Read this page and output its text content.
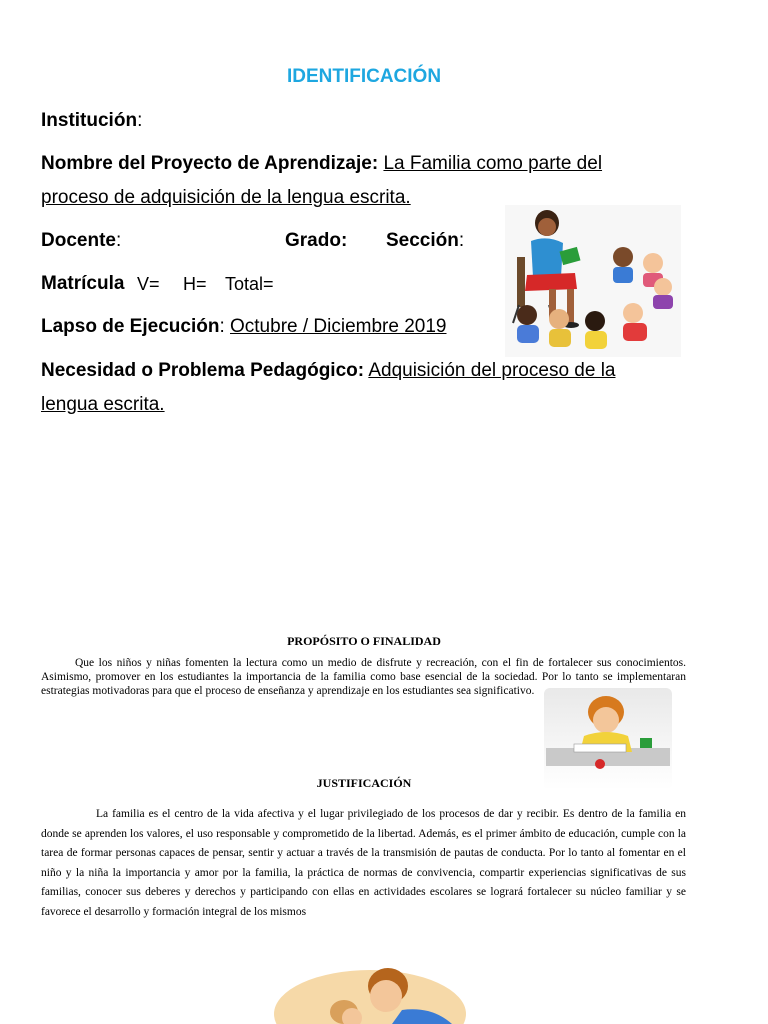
IDENTIFICACIÓN
Institución:
Nombre del Proyecto de Aprendizaje: La Familia como parte del
proceso de adquisición de la lengua escrita.
Docente:	Grado: Sección:
Matrícula V= H= Total=
Lapso de Ejecución: Octubre / Diciembre 2019
Necesidad o Problema Pedagógico: Adquisición del proceso de la
lengua escrita.
PROPÓSITO O FINALIDAD
Que los niños y niñas fomenten la lectura como un medio de disfrute y recreación, con el fin de fortalecer sus conocimientos. Asimismo, promover en los estudiantes la importancia de la familia como base esencial de la sociedad. Por lo tanto se implementaran estrategias motivadoras para que el proceso de enseñanza y aprendizaje en los estudiantes sea significativo.
JUSTIFICACIÓN
La familia es el centro de la vida afectiva y el lugar privilegiado de los procesos de dar y recibir. Es dentro de la familia en donde se aprenden los valores, el uso responsable y comprometido de la libertad. Además, es el primer ámbito de educación, cumple con la tarea de formar personas capaces de pensar, sentir y actuar a través de la transmisión de pautas de conducta. Por lo tanto al fomentar en el niño y la niña la importancia y amor por la familia, la práctica de normas de convivencia, compartir experiencias significativas de sus familias, conocer sus deberes y derechos y participando con ellas en actividades escolares se logrará fortalecer su núcleo familiar y se favorece el desarrollo y formación integral de los mismos
